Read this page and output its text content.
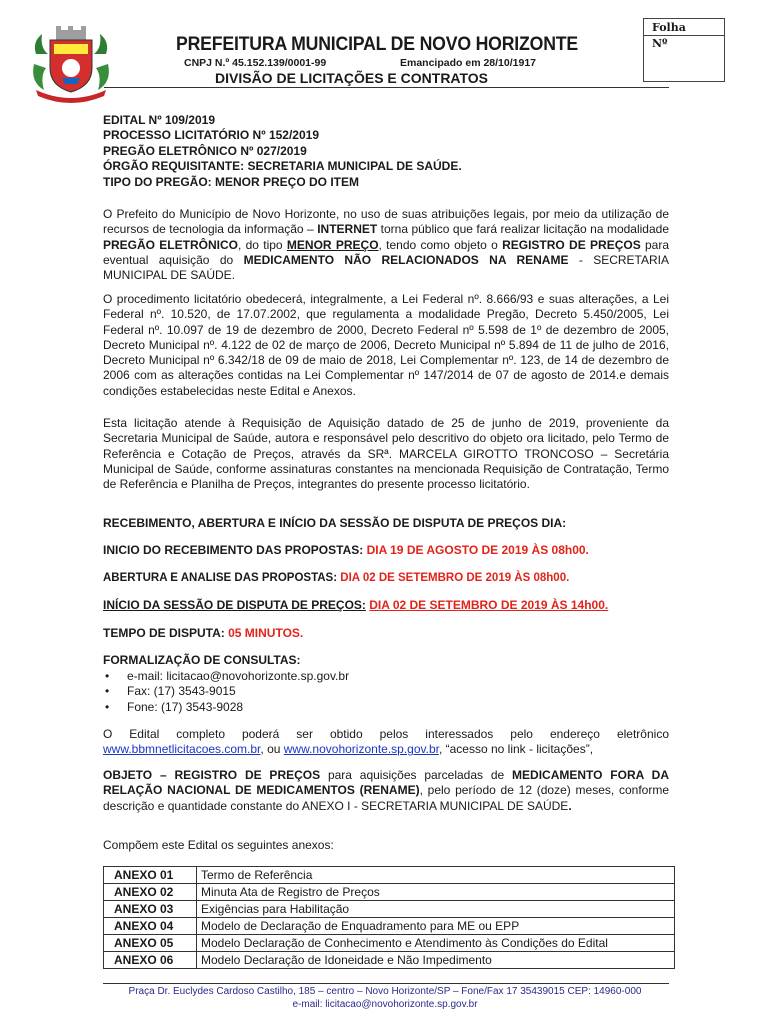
PREFEITURA MUNICIPAL DE NOVO HORIZONTE
CNPJ N.º 45.152.139/0001-99	Emancipado em 28/10/1917
DIVISÃO DE LICITAÇÕES E CONTRATOS
Folha
Nº
EDITAL Nº 109/2019
PROCESSO LICITATÓRIO Nº 152/2019
PREGÃO ELETRÔNICO Nº 027/2019
ÓRGÃO REQUISITANTE: SECRETARIA MUNICIPAL DE SAÚDE.
TIPO DO PREGÃO: MENOR PREÇO DO ITEM
O Prefeito do Município de Novo Horizonte, no uso de suas atribuições legais, por meio da utilização de recursos de tecnologia da informação – INTERNET torna público que fará realizar licitação na modalidade PREGÃO ELETRÔNICO, do tipo MENOR PREÇO, tendo como objeto o REGISTRO DE PREÇOS para eventual aquisição do MEDICAMENTO NÃO RELACIONADOS NA RENAME - SECRETARIA MUNICIPAL DE SAÚDE.
O procedimento licitatório obedecerá, integralmente, a Lei Federal nº. 8.666/93 e suas alterações, a Lei Federal nº. 10.520, de 17.07.2002, que regulamenta a modalidade Pregão, Decreto 5.450/2005, Lei Federal nº. 10.097 de 19 de dezembro de 2000, Decreto Federal nº 5.598 de 1º de dezembro de 2005, Decreto Municipal nº. 4.122 de 02 de março de 2006, Decreto Municipal nº 5.894 de 11 de julho de 2016, Decreto Municipal nº 6.342/18 de 09 de maio de 2018, Lei Complementar nº. 123, de 14 de dezembro de 2006 com as alterações contidas na Lei Complementar nº 147/2014 de 07 de agosto de 2014.e demais condições estabelecidas neste Edital e Anexos.
Esta licitação atende à Requisição de Aquisição datado de 25 de junho de 2019, proveniente da Secretaria Municipal de Saúde, autora e responsável pelo descritivo do objeto ora licitado, pelo Termo de Referência e Cotação de Preços, através da SRª. MARCELA GIROTTO TRONCOSO – Secretária Municipal de Saúde, conforme assinaturas constantes na mencionada Requisição de Contratação, Termo de Referência e Planilha de Preços, integrantes do presente processo licitatório.
RECEBIMENTO, ABERTURA E INÍCIO DA SESSÃO DE DISPUTA DE PREÇOS DIA:
INICIO DO RECEBIMENTO DAS PROPOSTAS: DIA 19 DE AGOSTO DE 2019 ÀS 08h00.
ABERTURA E ANALISE DAS PROPOSTAS: DIA 02 DE SETEMBRO DE 2019 ÀS 08h00.
INÍCIO DA SESSÃO DE DISPUTA DE PREÇOS: DIA 02 DE SETEMBRO DE 2019 ÀS 14h00.
TEMPO DE DISPUTA: 05 MINUTOS.
FORMALIZAÇÃO DE CONSULTAS:
• e-mail: licitacao@novohorizonte.sp.gov.br
• Fax: (17) 3543-9015
• Fone: (17) 3543-9028
O Edital completo poderá ser obtido pelos interessados pelo endereço eletrônico www.bbmnetlicitacoes.com.br, ou www.novohorizonte.sp.gov.br, “acesso no link - licitações”,
OBJETO – REGISTRO DE PREÇOS para aquisições parceladas de MEDICAMENTO FORA DA RELAÇÃO NACIONAL DE MEDICAMENTOS (RENAME), pelo período de 12 (doze) meses, conforme descrição e quantidade constante do ANEXO I - SECRETARIA MUNICIPAL DE SAÚDE.
Compõem este Edital os seguintes anexos:
ANEXO 01	Termo de Referência
ANEXO 02	Minuta Ata de Registro de Preços
ANEXO 03	Exigências para Habilitação
ANEXO 04	Modelo de Declaração de Enquadramento para ME ou EPP
ANEXO 05	Modelo Declaração de Conhecimento e Atendimento às Condições do Edital
ANEXO 06	Modelo Declaração de Idoneidade e Não Impedimento
Praça Dr. Euclydes Cardoso Castilho, 185 – centro – Novo Horizonte/SP – Fone/Fax 17 35439015 CEP: 14960-000
e-mail: licitacao@novohorizonte.sp.gov.br
